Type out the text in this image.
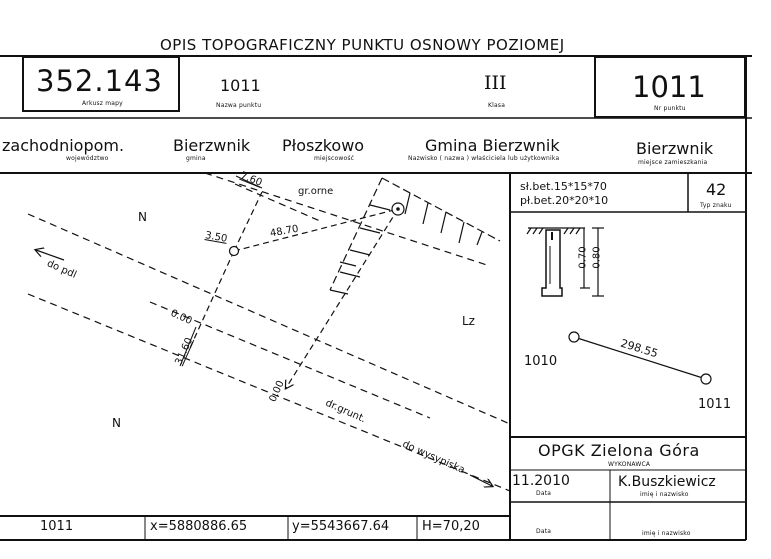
OPIS TOPOGRAFICZNY PUNKTU OSNOWY POZIOMEJ
352.143
Arkusz mapy
1011
Nazwa punktu
III
Klasa
1011
Nr punktu
zachodniopom.
województwo
Bierzwnik
gmina
Płoszkowo
miejscowość
Gmina Bierzwnik
Nazwisko ( nazwa ) właściciela lub użytkownika
Bierzwnik
miejsce zamieszkania
7.60
gr.orne
3.50	48.70
N
do pdl
0.00
31.60
Lz
0.00
dr.grunt.
N
do wysypiska
sł.bet.15*15*70
pł.bet.20*20*10
42
Typ znaku
0.70 0.80
1010
1011
298.55
OPGK Zielona Góra
WYKONAWCA
11.2010
Data
K.Buszkiewicz
imię i nazwisko
1011	x=5880886.65	y=5543667.64	H=70,20	Data	imię i nazwisko
